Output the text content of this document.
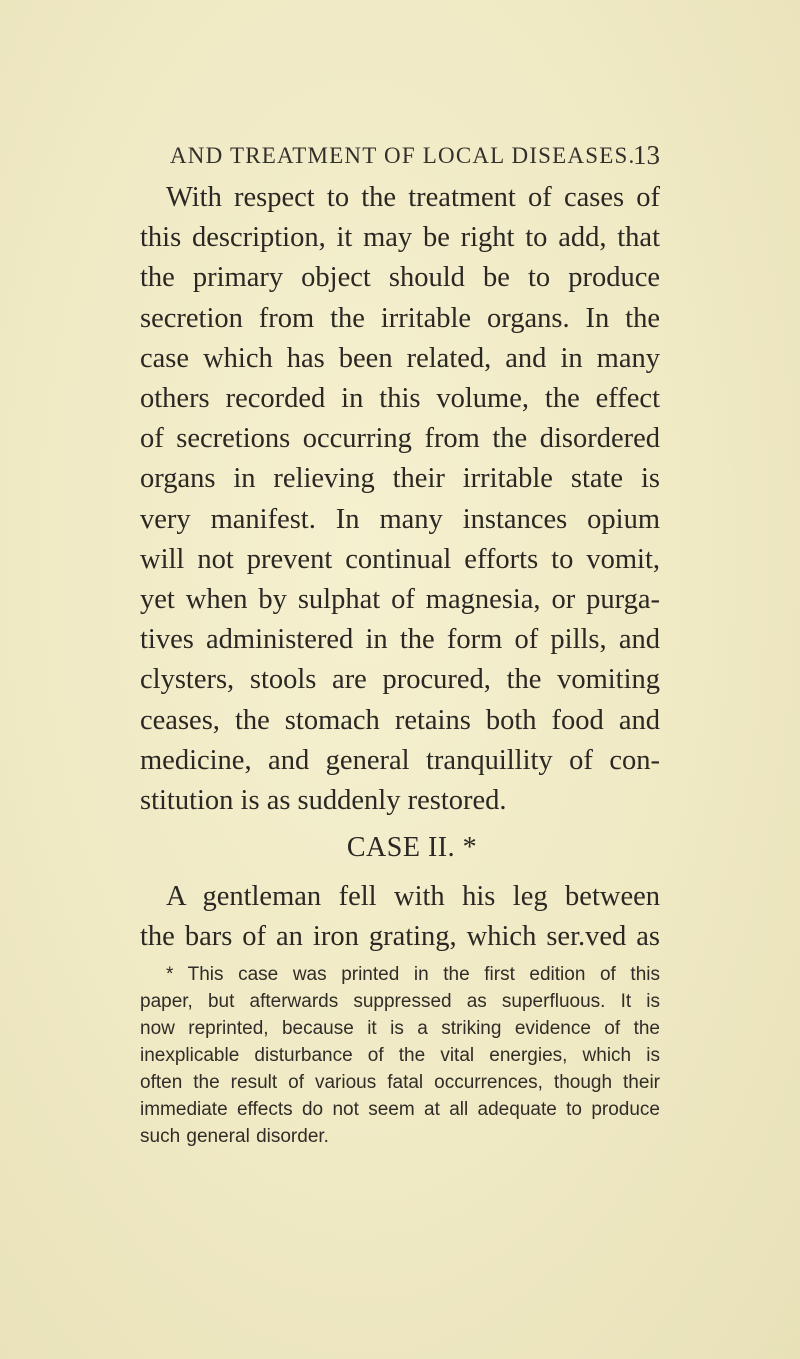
AND TREATMENT OF LOCAL DISEASES.
13
With respect to the treatment of cases of
this description, it may be right to add, that
the primary object should be to produce
secretion from the irritable organs. In the
case which has been related, and in many
others recorded in this volume, the effect
of secretions occurring from the disordered
organs in relieving their irritable state is
very manifest. In many instances opium
will not prevent continual efforts to vomit,
yet when by sulphat of magnesia, or purga-
tives administered in the form of pills, and
clysters, stools are procured, the vomiting
ceases, the stomach retains both food and
medicine, and general tranquillity of con-
stitution is as suddenly restored.
CASE II. *
A gentleman fell with his leg between
the bars of an iron grating, which ser.ved as
* This case was printed in the first edition of this
paper, but afterwards suppressed as superfluous. It is
now reprinted, because it is a striking evidence of the
inexplicable disturbance of the vital energies, which is
often the result of various fatal occurrences, though their
immediate effects do not seem at all adequate to produce
such general disorder.
